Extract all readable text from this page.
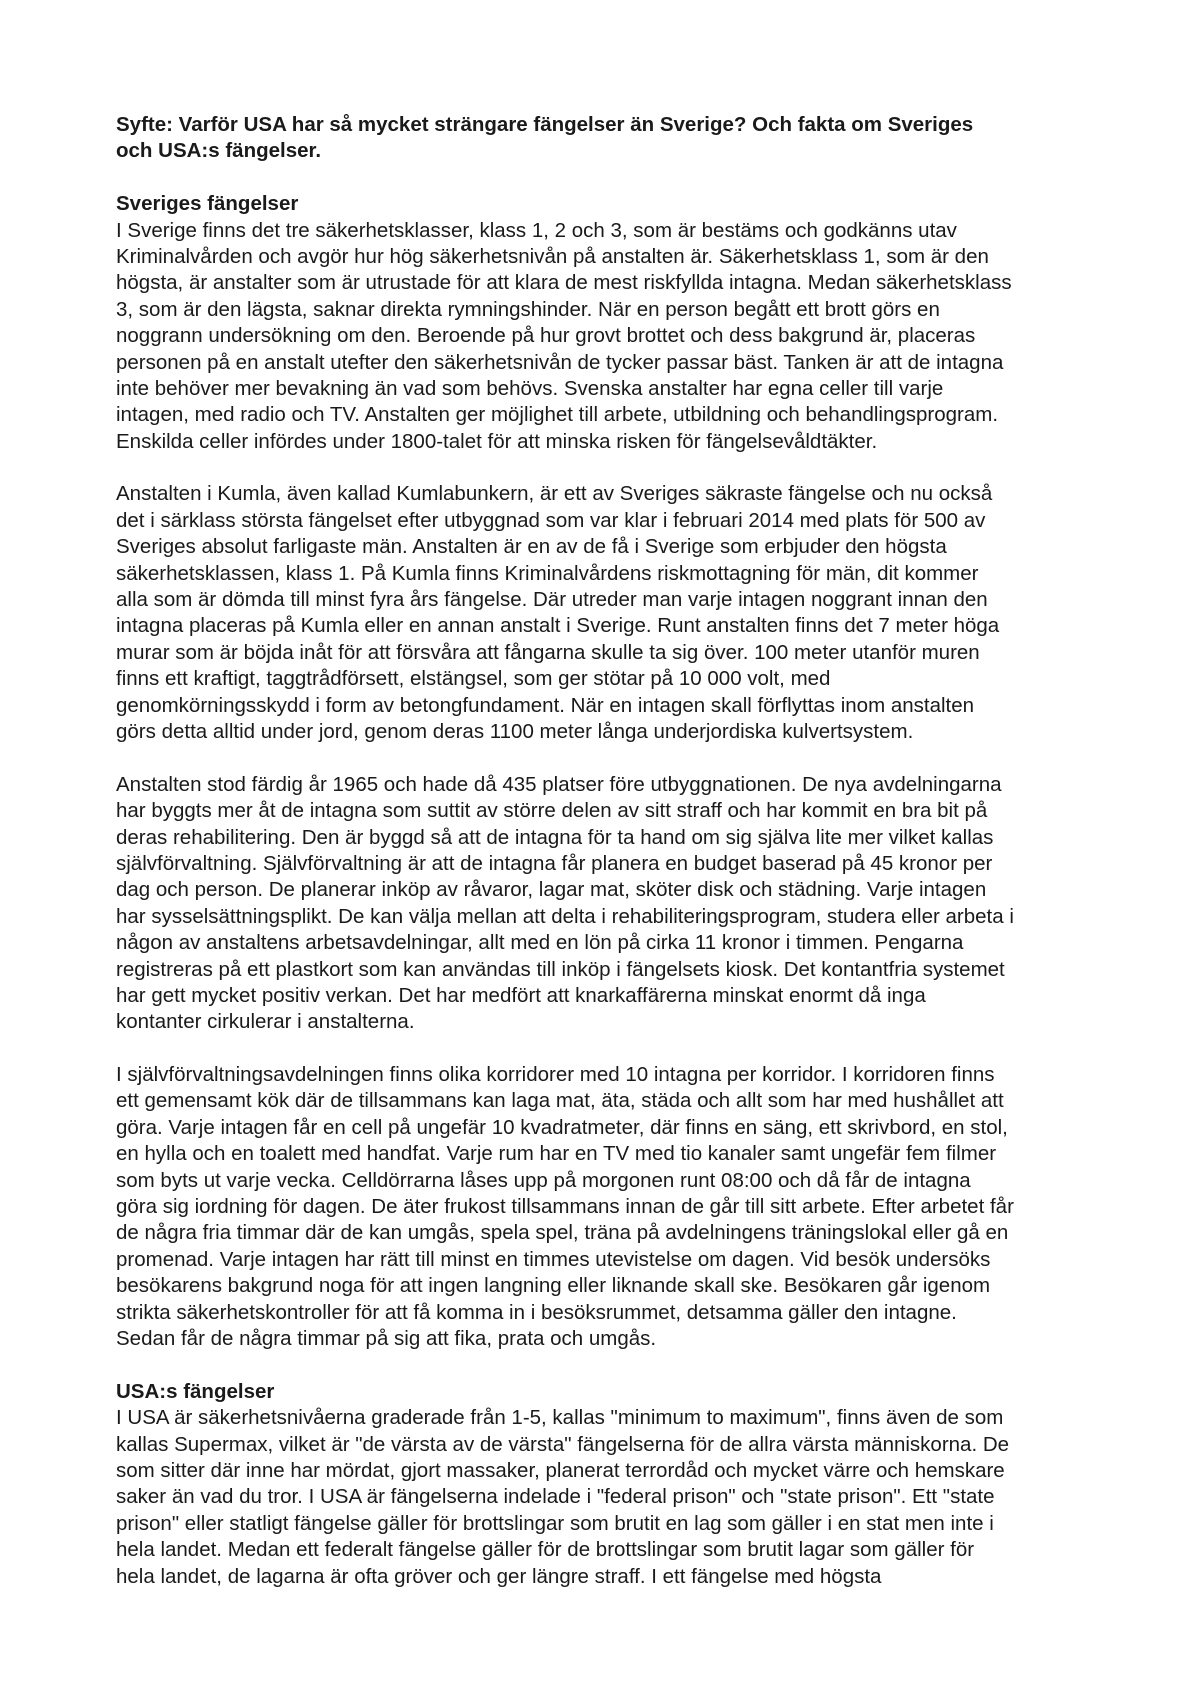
Syfte: Varför USA har så mycket strängare fängelser än Sverige? Och fakta om Sveriges
och USA:s fängelser.
Sveriges fängelser
I Sverige finns det tre säkerhetsklasser, klass 1, 2 och 3, som är bestäms och godkänns utav
Kriminalvården och avgör hur hög säkerhetsnivån på anstalten är. Säkerhetsklass 1, som är den
högsta, är anstalter som är utrustade för att klara de mest riskfyllda intagna. Medan säkerhetsklass
3, som är den lägsta, saknar direkta rymningshinder. När en person begått ett brott görs en
noggrann undersökning om den. Beroende på hur grovt brottet och dess bakgrund är, placeras
personen på en anstalt utefter den säkerhetsnivån de tycker passar bäst. Tanken är att de intagna
inte behöver mer bevakning än vad som behövs. Svenska anstalter har egna celler till varje
intagen, med radio och TV. Anstalten ger möjlighet till arbete, utbildning och behandlingsprogram.
Enskilda celler infördes under 1800-talet för att minska risken för fängelsevåldtäkter.
Anstalten i Kumla, även kallad Kumlabunkern, är ett av Sveriges säkraste fängelse och nu också
det i särklass största fängelset efter utbyggnad som var klar i februari 2014 med plats för 500 av
Sveriges absolut farligaste män. Anstalten är en av de få i Sverige som erbjuder den högsta
säkerhetsklassen, klass 1. På Kumla finns Kriminalvårdens riskmottagning för män, dit kommer
alla som är dömda till minst fyra års fängelse. Där utreder man varje intagen noggrant innan den
intagna placeras på Kumla eller en annan anstalt i Sverige. Runt anstalten finns det 7 meter höga
murar som är böjda inåt för att försvåra att fångarna skulle ta sig över. 100 meter utanför muren
finns ett kraftigt, taggtrådförsett, elstängsel, som ger stötar på 10 000 volt, med
genomkörningsskydd i form av betongfundament. När en intagen skall förflyttas inom anstalten
görs detta alltid under jord, genom deras 1100 meter långa underjordiska kulvertsystem.
Anstalten stod färdig år 1965 och hade då 435 platser före utbyggnationen. De nya avdelningarna
har byggts mer åt de intagna som suttit av större delen av sitt straff och har kommit en bra bit på
deras rehabilitering. Den är byggd så att de intagna för ta hand om sig själva lite mer vilket kallas
självförvaltning. Självförvaltning är att de intagna får planera en budget baserad på 45 kronor per
dag och person. De planerar inköp av råvaror, lagar mat, sköter disk och städning. Varje intagen
har sysselsättningsplikt. De kan välja mellan att delta i rehabiliteringsprogram, studera eller arbeta i
någon av anstaltens arbetsavdelningar, allt med en lön på cirka 11 kronor i timmen. Pengarna
registreras på ett plastkort som kan användas till inköp i fängelsets kiosk. Det kontantfria systemet
har gett mycket positiv verkan. Det har medfört att knarkaffärerna minskat enormt då inga
kontanter cirkulerar i anstalterna.
I självförvaltningsavdelningen finns olika korridorer med 10 intagna per korridor. I korridoren finns
ett gemensamt kök där de tillsammans kan laga mat, äta, städa och allt som har med hushållet att
göra. Varje intagen får en cell på ungefär 10 kvadratmeter, där finns en säng, ett skrivbord, en stol,
en hylla och en toalett med handfat. Varje rum har en TV med tio kanaler samt ungefär fem filmer
som byts ut varje vecka. Celldörrarna låses upp på morgonen runt 08:00 och då får de intagna
göra sig iordning för dagen. De äter frukost tillsammans innan de går till sitt arbete. Efter arbetet får
de några fria timmar där de kan umgås, spela spel, träna på avdelningens träningslokal eller gå en
promenad. Varje intagen har rätt till minst en timmes utevistelse om dagen. Vid besök undersöks
besökarens bakgrund noga för att ingen langning eller liknande skall ske. Besökaren går igenom
strikta säkerhetskontroller för att få komma in i besöksrummet, detsamma gäller den intagne.
Sedan får de några timmar på sig att fika, prata och umgås.
USA:s fängelser
I USA är säkerhetsnivåerna graderade från 1-5, kallas "minimum to maximum", finns även de som
kallas Supermax, vilket är "de värsta av de värsta" fängelserna för de allra värsta människorna. De
som sitter där inne har mördat, gjort massaker, planerat terrordåd och mycket värre och hemskare
saker än vad du tror. I USA är fängelserna indelade i "federal prison" och "state prison". Ett "state
prison" eller statligt fängelse gäller för brottslingar som brutit en lag som gäller i en stat men inte i
hela landet. Medan ett federalt fängelse gäller för de brottslingar som brutit lagar som gäller för
hela landet, de lagarna är ofta gröver och ger längre straff. I ett fängelse med högsta
